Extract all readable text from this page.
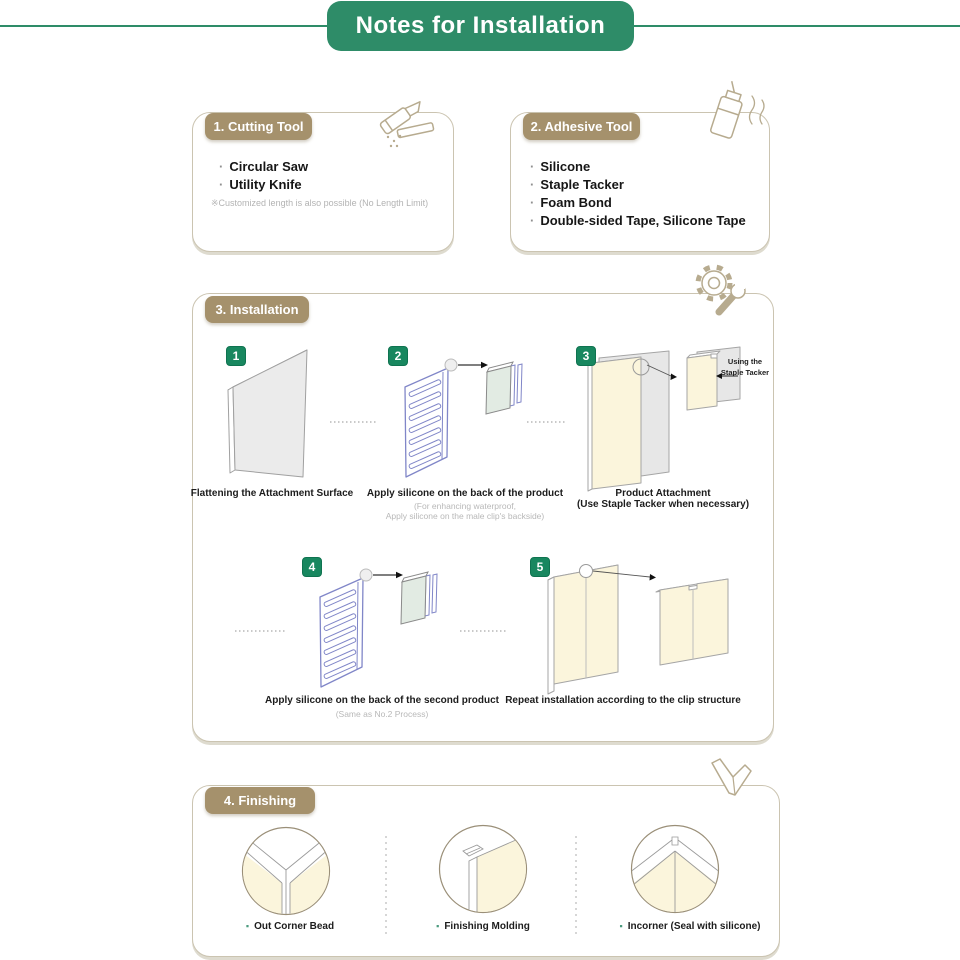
Notes for Installation
1. Cutting Tool
· Circular Saw
· Utility Knife
※Customized length is also possible (No Length Limit)
2. Adhesive Tool
· Silicone
· Staple Tacker
· Foam Bond
· Double-sided Tape, Silicone Tape
3. Installation
1
Flattening the Attachment Surface
2
Apply silicone on the back of the product
(For enhancing waterproof,
Apply silicone on the male clip's backside)
3	Using the
Staple Tacker
Product Attachment
(Use Staple Tacker when necessary)
4
Apply silicone on the back of the second product
(Same as No.2 Process)
5
Repeat installation according to the clip structure
4. Finishing
▪ Out Corner Bead	▪ Finishing Molding	▪ Incorner (Seal with silicone)
